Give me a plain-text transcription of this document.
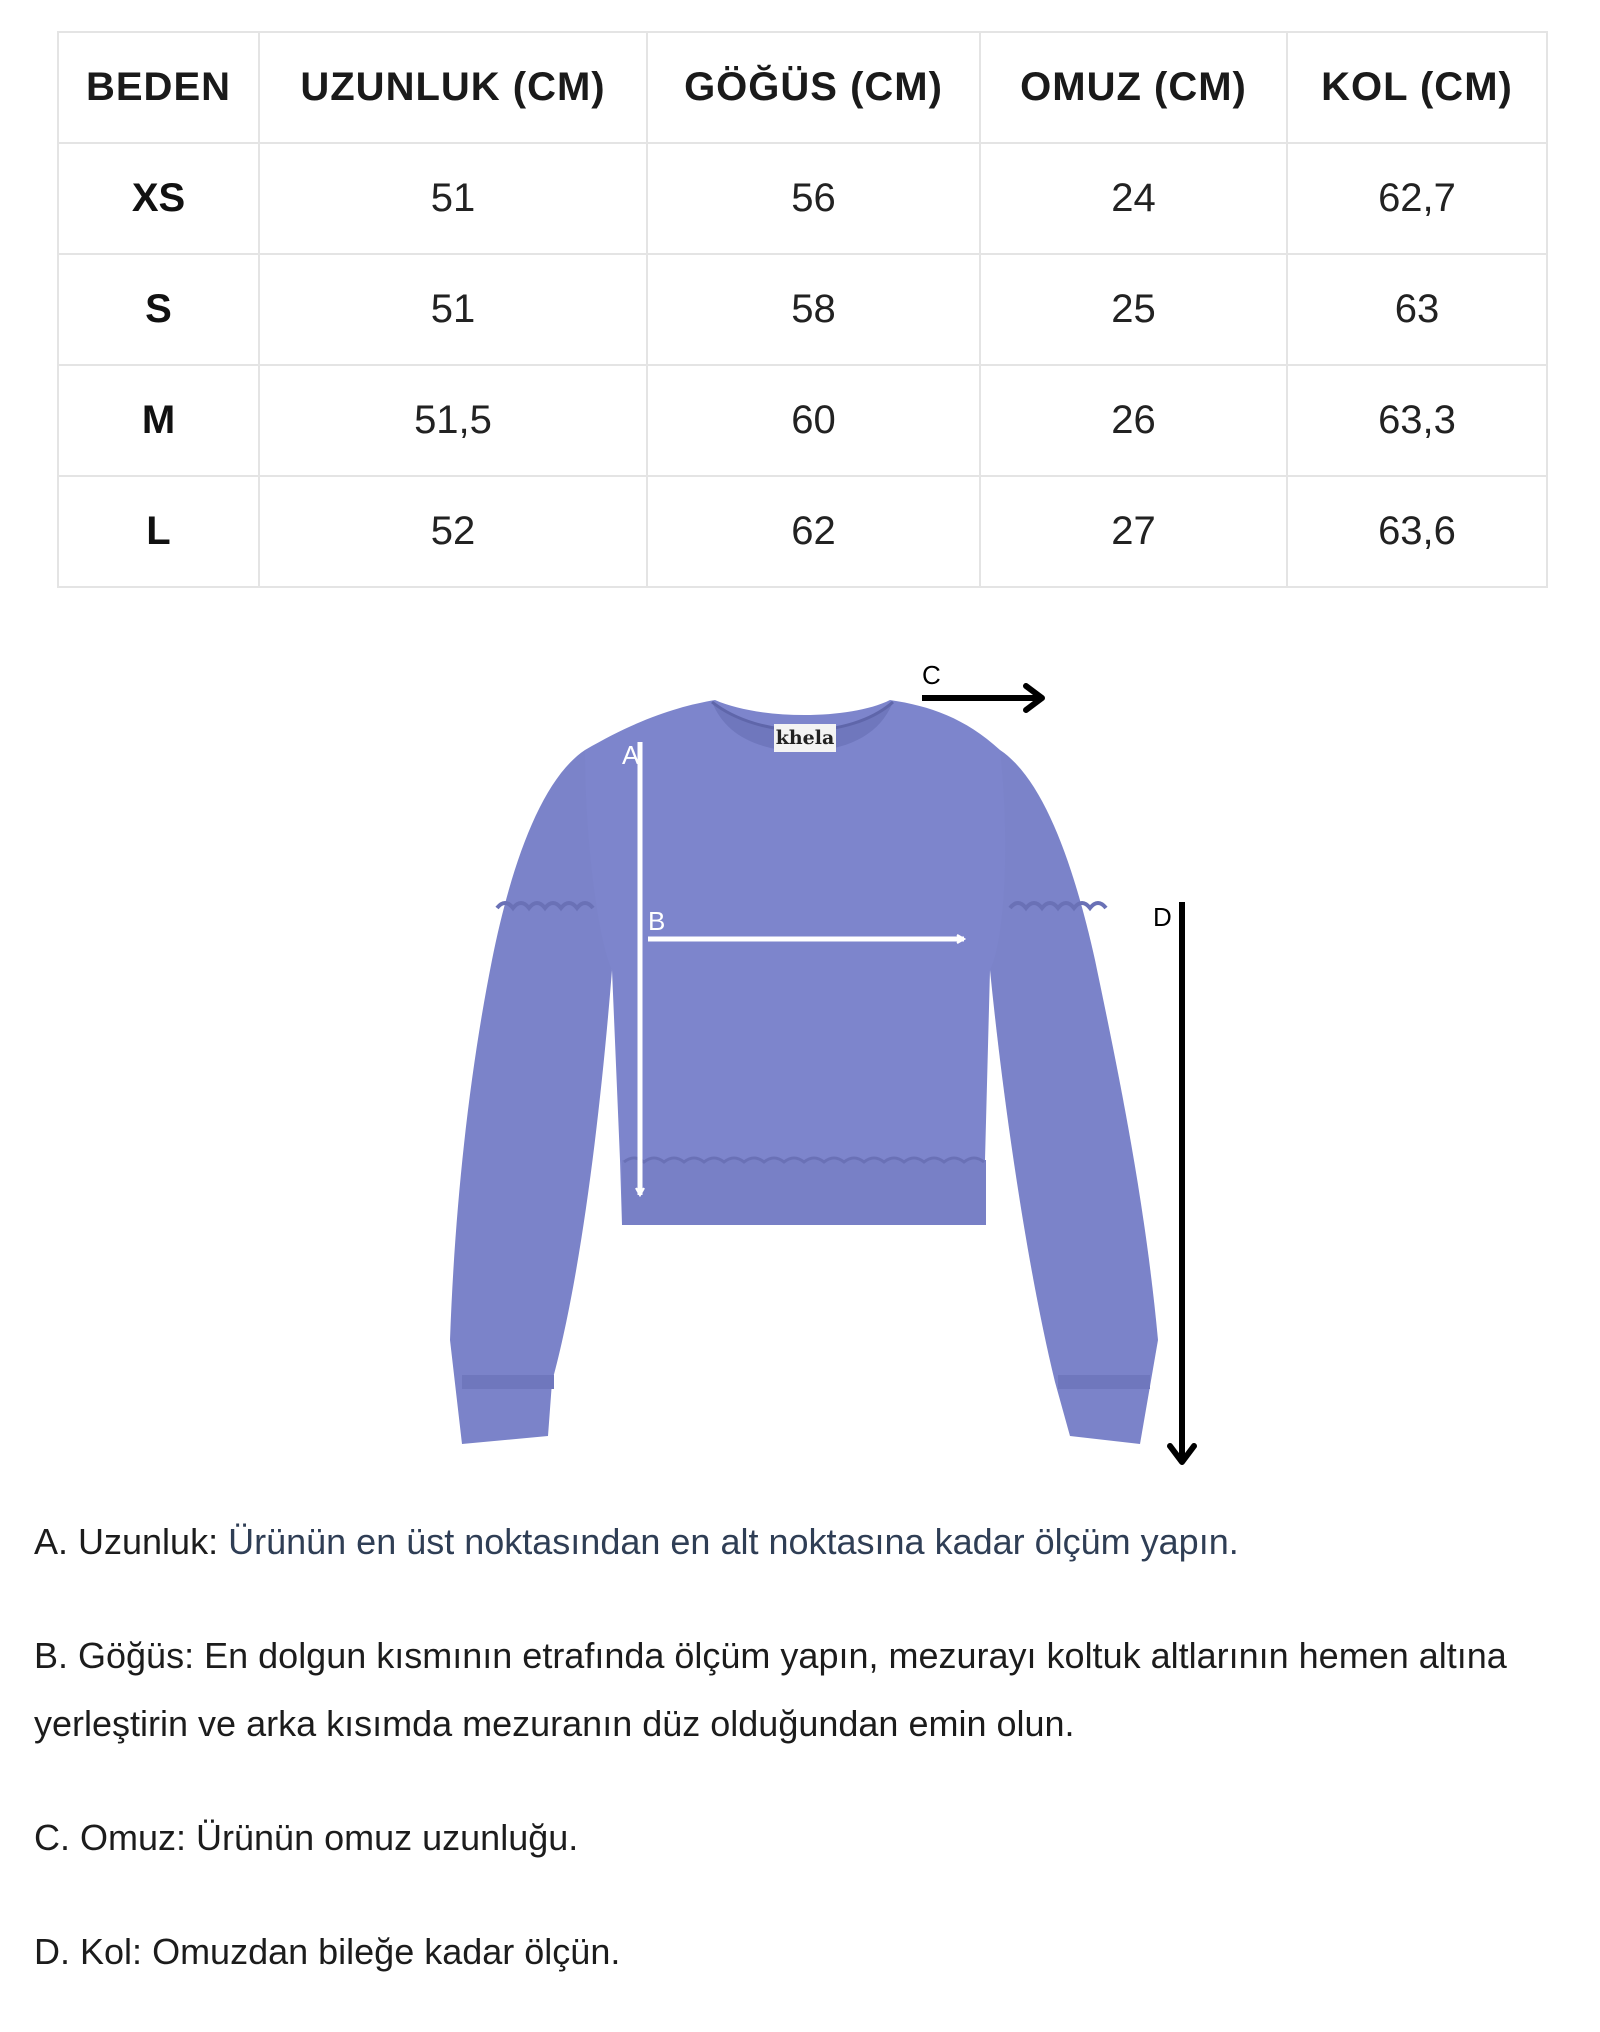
BEDEN	UZUNLUK (CM)	GÖĞÜS (CM)	OMUZ (CM)	KOL (CM)
XS	51	56	24	62,7
S	51	58	25	63
M	51,5	60	26	63,3
L	52	62	27	63,6
khela
A
B
C
D

A. Uzunluk: Ürünün en üst noktasından en alt noktasına kadar ölçüm yapın.

B. Göğüs: En dolgun kısmının etrafında ölçüm yapın, mezurayı koltuk altlarının hemen altına yerleştirin ve arka kısımda mezuranın düz olduğundan emin olun.

C. Omuz: Ürünün omuz uzunluğu.

D. Kol: Omuzdan bileğe kadar ölçün.
